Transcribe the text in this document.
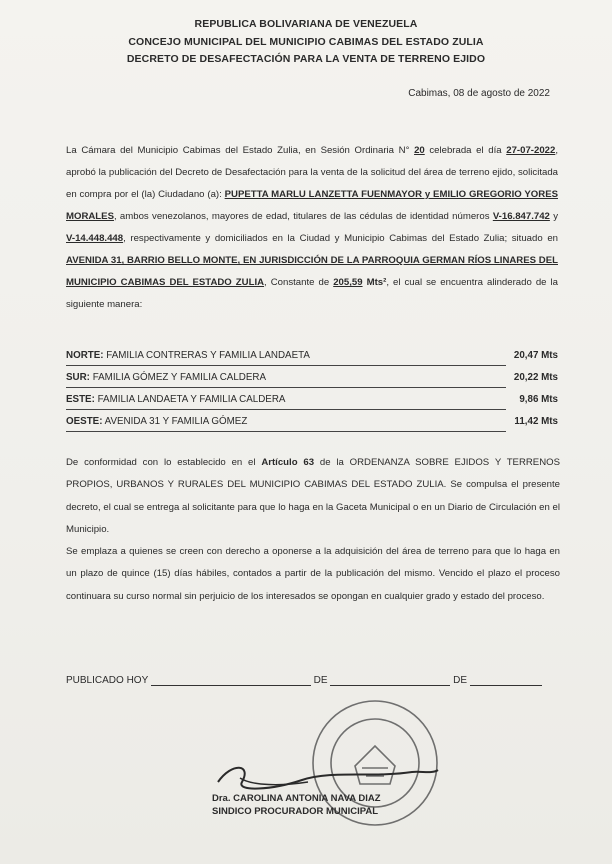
REPUBLICA BOLIVARIANA DE VENEZUELA
CONCEJO MUNICIPAL DEL MUNICIPIO CABIMAS DEL ESTADO ZULIA
DECRETO DE DESAFECTACIÓN PARA LA VENTA DE TERRENO EJIDO
Cabimas, 08 de agosto de 2022
La Cámara del Municipio Cabimas del Estado Zulia, en Sesión Ordinaria N° 20 celebrada el día 27-07-2022, aprobó la publicación del Decreto de Desafectación para la venta de la solicitud del área de terreno ejido, solicitada en compra por el (la) Ciudadano (a): PUPETTA MARLU LANZETTA FUENMAYOR y EMILIO GREGORIO YORES MORALES, ambos venezolanos, mayores de edad, titulares de las cédulas de identidad números V-16.847.742 y V-14.448.448, respectivamente y domiciliados en la Ciudad y Municipio Cabimas del Estado Zulia; situado en AVENIDA 31, BARRIO BELLO MONTE, EN JURISDICCIÓN DE LA PARROQUIA GERMAN RÍOS LINARES DEL MUNICIPIO CABIMAS DEL ESTADO ZULIA, Constante de 205,59 Mts², el cual se encuentra alinderado de la siguiente manera:
NORTE: FAMILIA CONTRERAS Y FAMILIA LANDAETA	20,47 Mts
SUR: FAMILIA GÓMEZ Y FAMILIA CALDERA	20,22 Mts
ESTE: FAMILIA LANDAETA Y FAMILIA CALDERA	9,86 Mts
OESTE: AVENIDA 31 Y FAMILIA GÓMEZ	11,42 Mts
De conformidad con lo establecido en el Artículo 63 de la ORDENANZA SOBRE EJIDOS Y TERRENOS PROPIOS, URBANOS Y RURALES DEL MUNICIPIO CABIMAS DEL ESTADO ZULIA. Se compulsa el presente decreto, el cual se entrega al solicitante para que lo haga en la Gaceta Municipal o en un Diario de Circulación en el Municipio.
Se emplaza a quienes se creen con derecho a oponerse a la adquisición del área de terreno para que lo haga en un plazo de quince (15) días hábiles, contados a partir de la publicación del mismo. Vencido el plazo el proceso continuara su curso normal sin perjuicio de los interesados se opongan en cualquier grado y estado del proceso.
PUBLICADO HOY	DE	DE
Dra. CAROLINA ANTONIA NAVA DIAZ
SINDICO PROCURADOR MUNICIPAL
